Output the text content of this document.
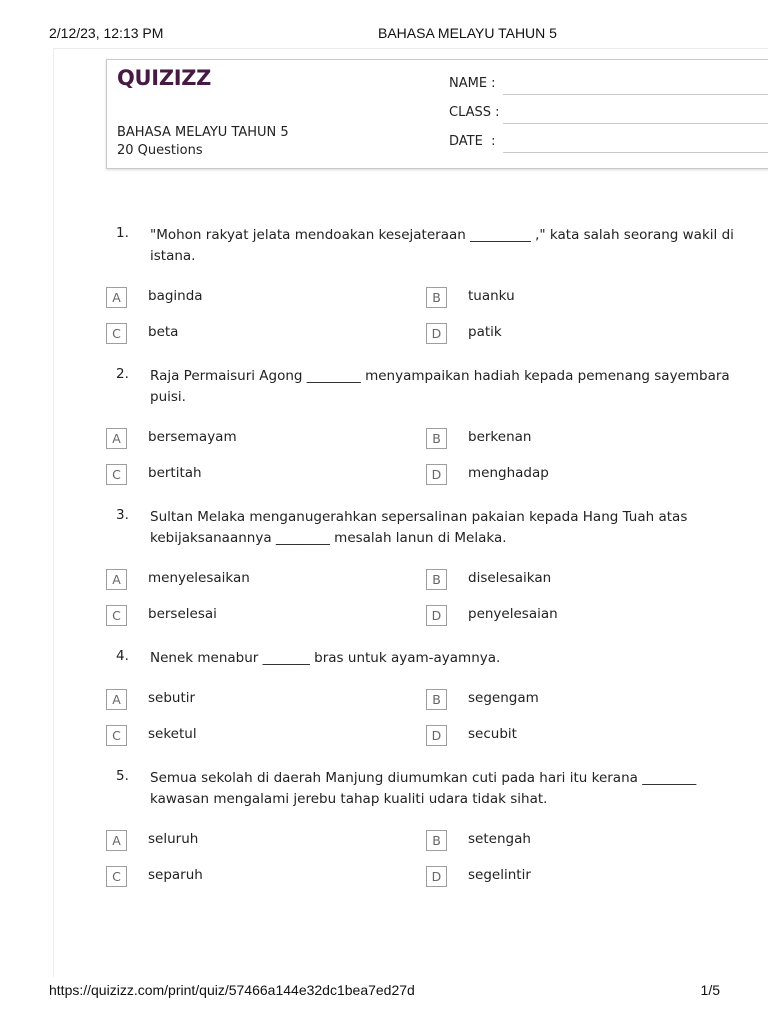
2/12/23, 12:13 PM	BAHASA MELAYU TAHUN 5
QUIZIZZ
BAHASA MELAYU TAHUN 5
20 Questions
NAME :
CLASS :
DATE  :
1. "Mohon rakyat jelata mendoakan kesejateraan _________ ," kata salah seorang wakil di
istana.
A	baginda	B	tuanku
C	beta	D	patik
2. Raja Permaisuri Agong ________ menyampaikan hadiah kepada pemenang sayembara
puisi.
A	bersemayam	B	berkenan
C	bertitah	D	menghadap
3. Sultan Melaka menganugerahkan sepersalinan pakaian kepada Hang Tuah atas
kebijaksanaannya ________ mesalah lanun di Melaka.
A	menyelesaikan	B	diselesaikan
C	berselesai	D	penyelesaian
4. Nenek menabur _______ bras untuk ayam-ayamnya.
A	sebutir	B	segengam
C	seketul	D	secubit
5. Semua sekolah di daerah Manjung diumumkan cuti pada hari itu kerana ________
kawasan mengalami jerebu tahap kualiti udara tidak sihat.
A	seluruh	B	setengah
C	separuh	D	segelintir
https://quizizz.com/print/quiz/57466a144e32dc1bea7ed27d	1/5
